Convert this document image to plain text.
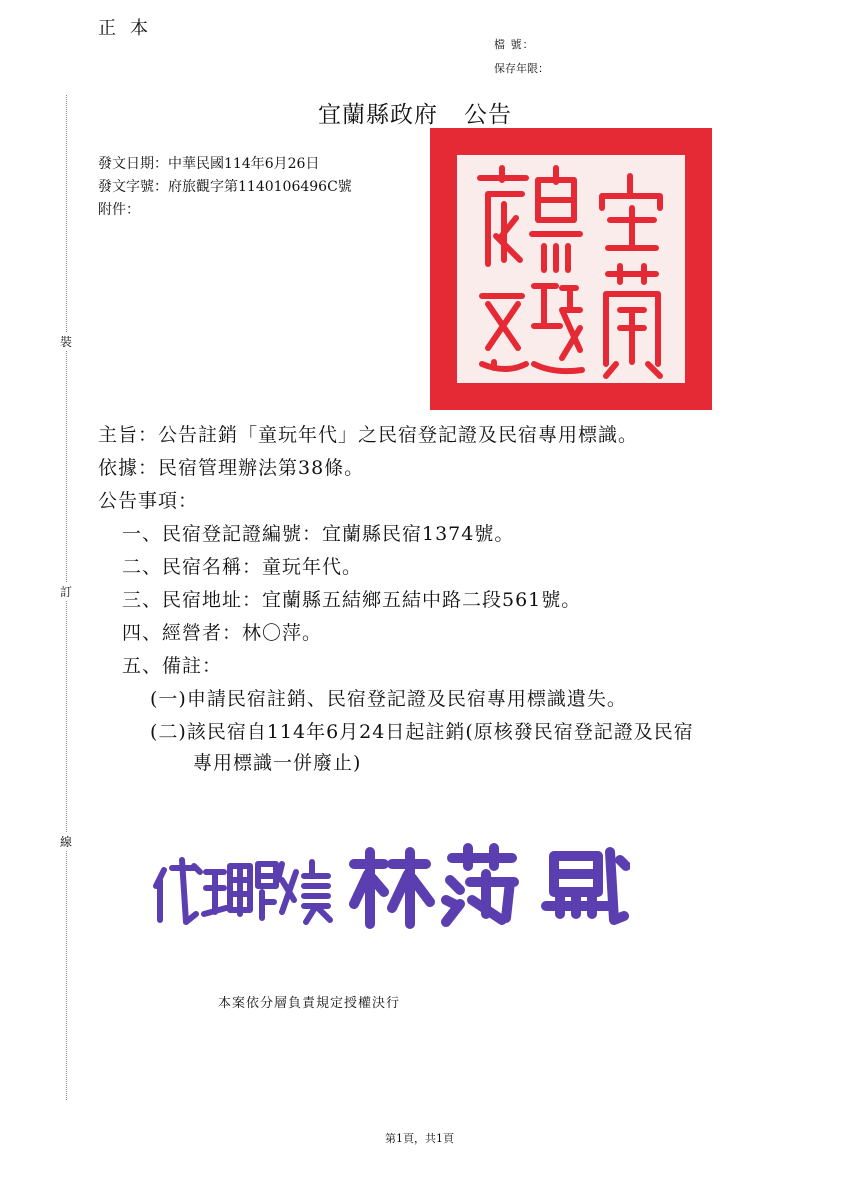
正本
檔 號：
保存年限：
宜蘭縣政府 公告
發文日期：中華民國114年6月26日
發文字號：府旅觀字第1140106496C號
附件：
裝
訂
線
主旨：公告註銷「童玩年代」之民宿登記證及民宿專用標識。
依據：民宿管理辦法第38條。
公告事項：
一、民宿登記證編號：宜蘭縣民宿1374號。
二、民宿名稱：童玩年代。
三、民宿地址：宜蘭縣五結鄉五結中路二段561號。
四、經營者：林〇萍。
五、備註：
(一)申請民宿註銷、民宿登記證及民宿專用標識遺失。
(二)該民宿自114年6月24日起註銷(原核發民宿登記證及民宿
專用標識一併廢止)
本案依分層負責規定授權決行
第1頁，共1頁
